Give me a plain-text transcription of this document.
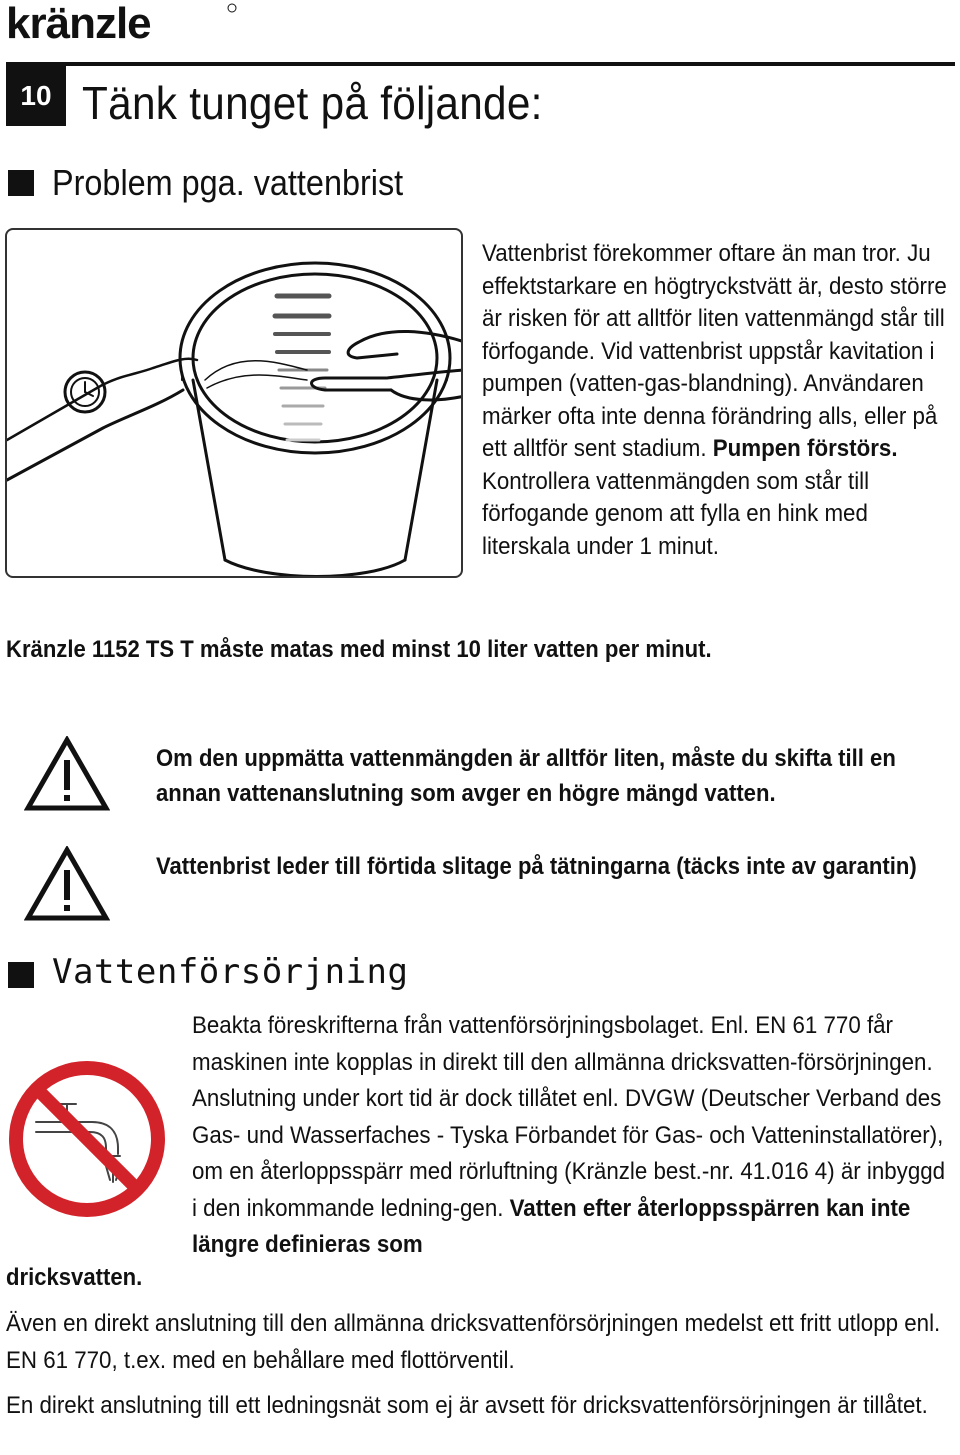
kränzle
10 Tänk tunget på följande:
Problem pga. vattenbrist
Vattenbrist förekommer oftare än man tror. Ju effektstarkare en högtryckstvätt är, desto större är risken för att alltför liten vattenmängd står till förfogande. Vid vattenbrist uppstår kavitation i pumpen (vatten-gas-blandning). Användaren märker ofta inte denna förändring alls, eller på ett alltför sent stadium. Pumpen förstörs. Kontrollera vattenmängden som står till förfogande genom att fylla en hink med literskala under 1 minut.
Kränzle 1152 TS T måste matas med minst 10 liter vatten per minut.
Om den uppmätta vattenmängden är alltför liten, måste du skifta till en annan vattenanslutning som avger en högre mängd vatten.
Vattenbrist leder till förtida slitage på tätningarna (täcks inte av garantin)
Vattenförsörjning
Beakta föreskrifterna från vattenförsörjningsbolaget. Enl. EN 61 770 får maskinen inte kopplas in direkt till den allmänna dricksvatten-försörjningen. Anslutning under kort tid är dock tillåtet enl. DVGW (Deutscher Verband des Gas- und Wasserfaches - Tyska Förbandet för Gas- och Vatteninstallatörer), om en återloppsspärr med rörluftning (Kränzle best.-nr. 41.016 4) är inbyggd i den inkommande ledning-gen. Vatten efter återloppsspärren kan inte längre definieras som
dricksvatten.
Även en direkt anslutning till den allmänna dricksvattenförsörjningen medelst ett fritt utlopp enl. EN 61 770, t.ex. med en behållare med flottörventil.
En direkt anslutning till ett ledningsnät som ej är avsett för dricksvattenförsörjningen är tillåtet.
